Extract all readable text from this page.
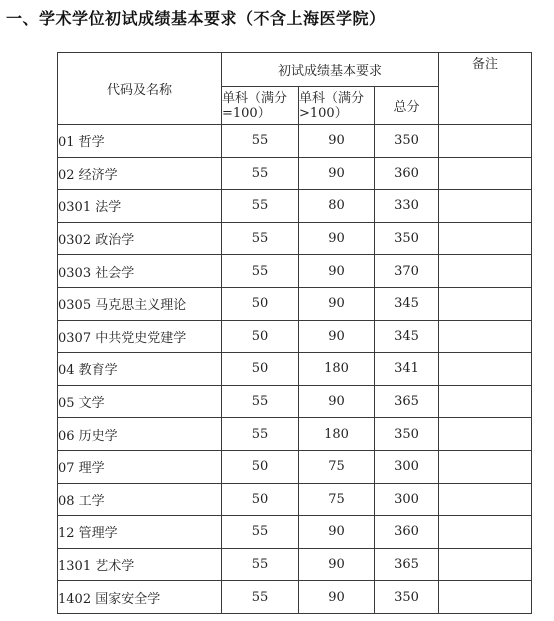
一、学术学位初试成绩基本要求（不含上海医学院）
代码及名称	初试成绩基本要求			备注
	单科（满分=100）	单科（满分>100）	总分	
01 哲学	55	90	350	
02 经济学	55	90	360	
0301 法学	55	80	330	
0302 政治学	55	90	350	
0303 社会学	55	90	370	
0305 马克思主义理论	50	90	345	
0307 中共党史党建学	50	90	345	
04 教育学	50	180	341	
05 文学	55	90	365	
06 历史学	55	180	350	
07 理学	50	75	300	
08 工学	50	75	300	
12 管理学	55	90	360	
1301 艺术学	55	90	365	
1402 国家安全学	55	90	350	
